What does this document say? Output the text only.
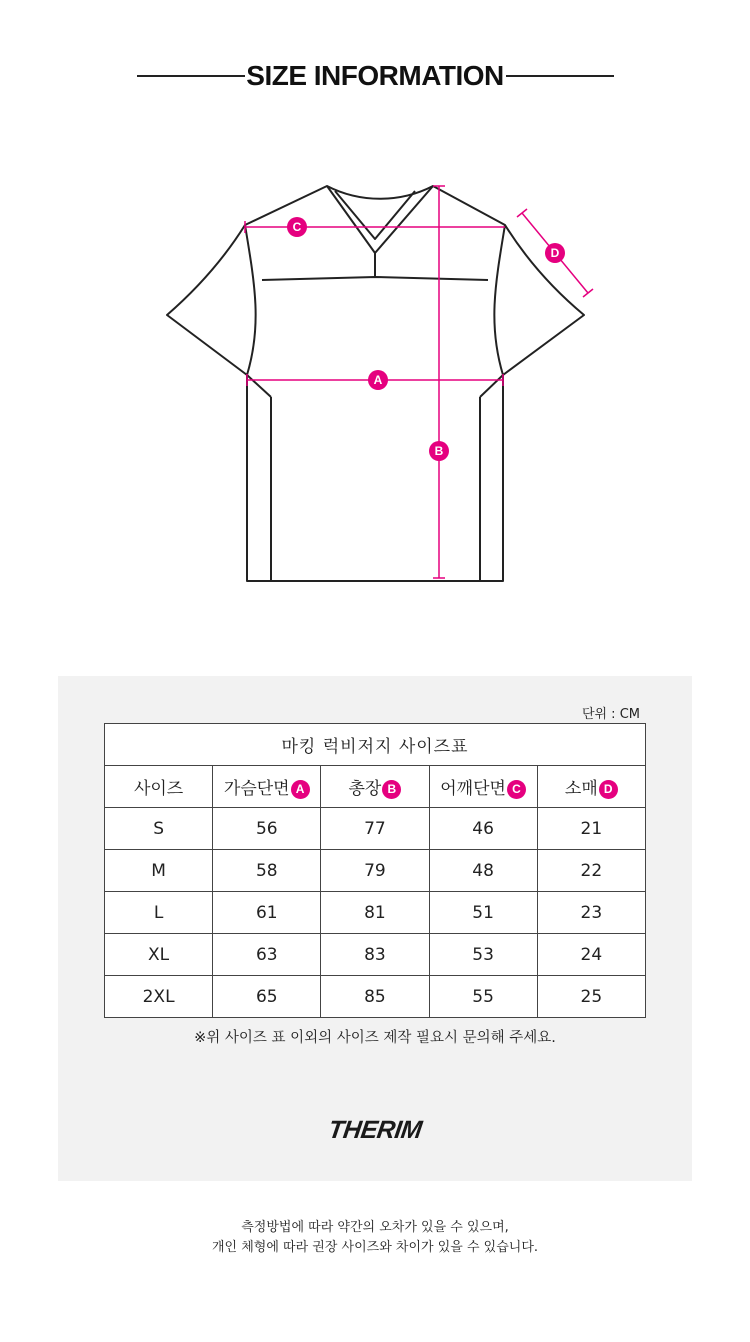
SIZE INFORMATION
C
A
B
D
단위 : CM
마킹 럭비저지 사이즈표				
사이즈	가슴단면 A	총장 B	어깨단면 C	소매 D
S	56	77	46	21
M	58	79	48	22
L	61	81	51	23
XL	63	83	53	24
2XL	65	85	55	25
※위 사이즈 표 이외의 사이즈 제작 필요시 문의해 주세요.
THERIM
측정방법에 따라 약간의 오차가 있을 수 있으며,
개인 체형에 따라 권장 사이즈와 차이가 있을 수 있습니다.
